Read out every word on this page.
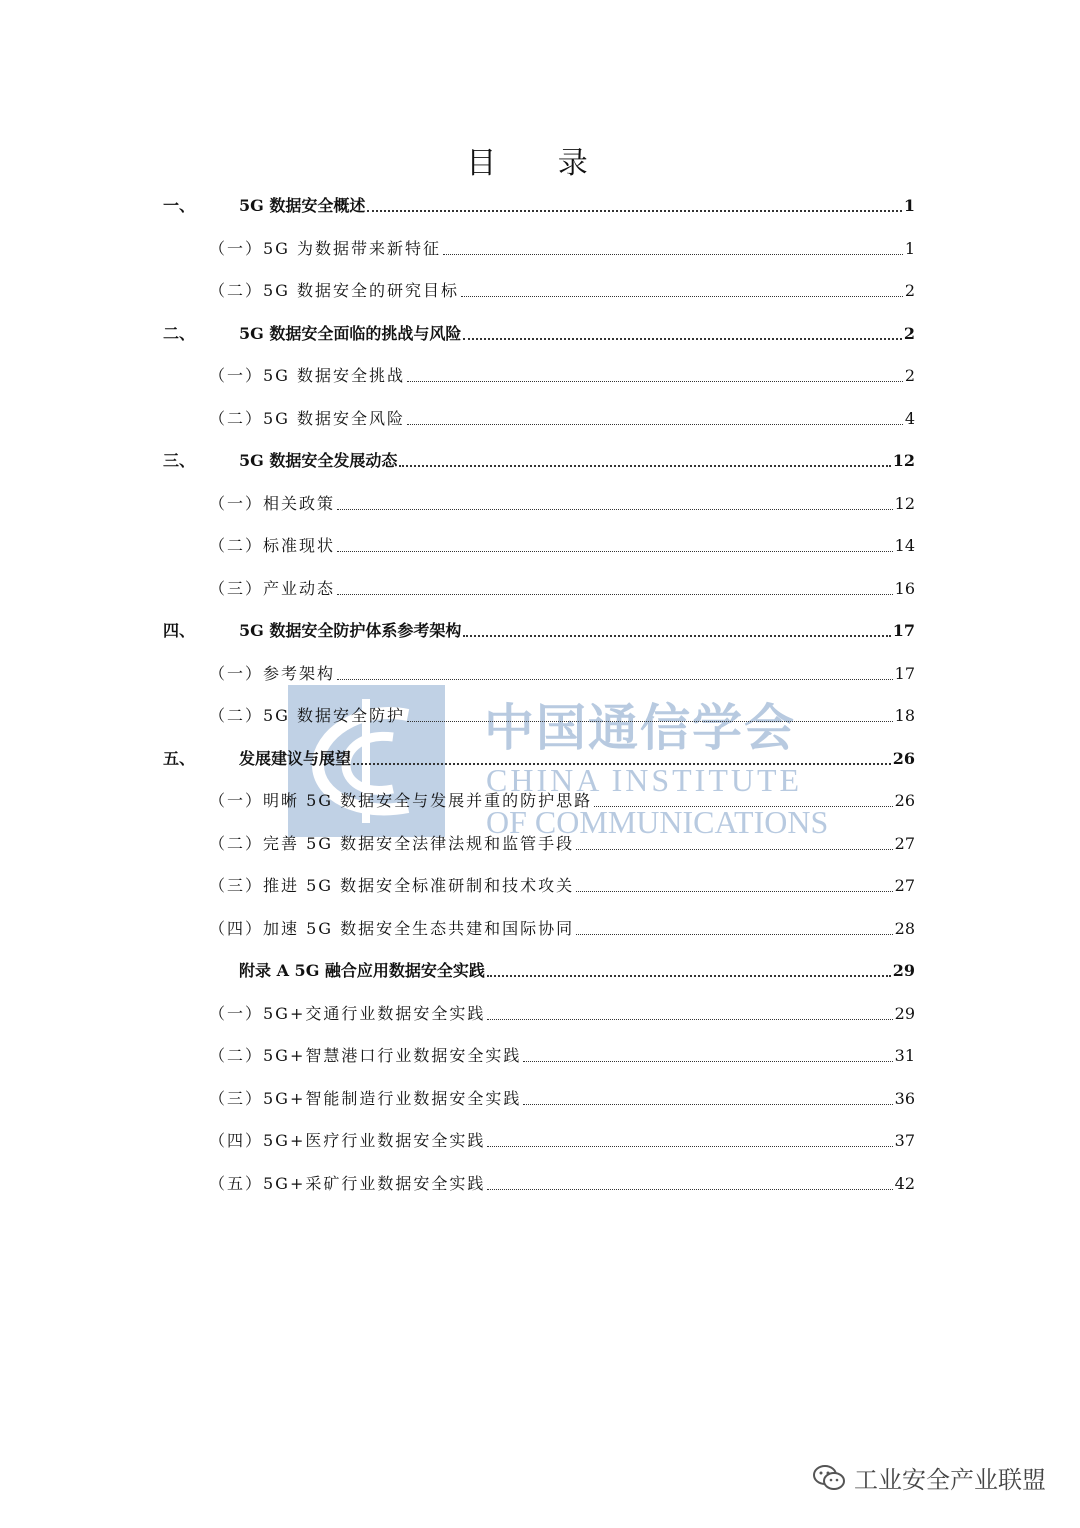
目 录
中国通信学会
CHINA INSTITUTE
OF COMMUNICATIONS
一、	5G 数据安全概述	1
（一）5G 为数据带来新特征	1
（二）5G 数据安全的研究目标	2
二、	5G 数据安全面临的挑战与风险	2
（一）5G 数据安全挑战	2
（二）5G 数据安全风险	4
三、	5G 数据安全发展动态	12
（一）相关政策	12
（二）标准现状	14
（三）产业动态	16
四、	5G 数据安全防护体系参考架构	17
（一）参考架构	17
（二）5G 数据安全防护	18
五、	发展建议与展望	26
（一）明晰 5G 数据安全与发展并重的防护思路	26
（二）完善 5G 数据安全法律法规和监管手段	27
（三）推进 5G 数据安全标准研制和技术攻关	27
（四）加速 5G 数据安全生态共建和国际协同	28
附录 A 5G 融合应用数据安全实践	29
（一）5G+交通行业数据安全实践	29
（二）5G+智慧港口行业数据安全实践	31
（三）5G+智能制造行业数据安全实践	36
（四）5G+医疗行业数据安全实践	37
（五）5G+采矿行业数据安全实践	42
工业安全产业联盟
